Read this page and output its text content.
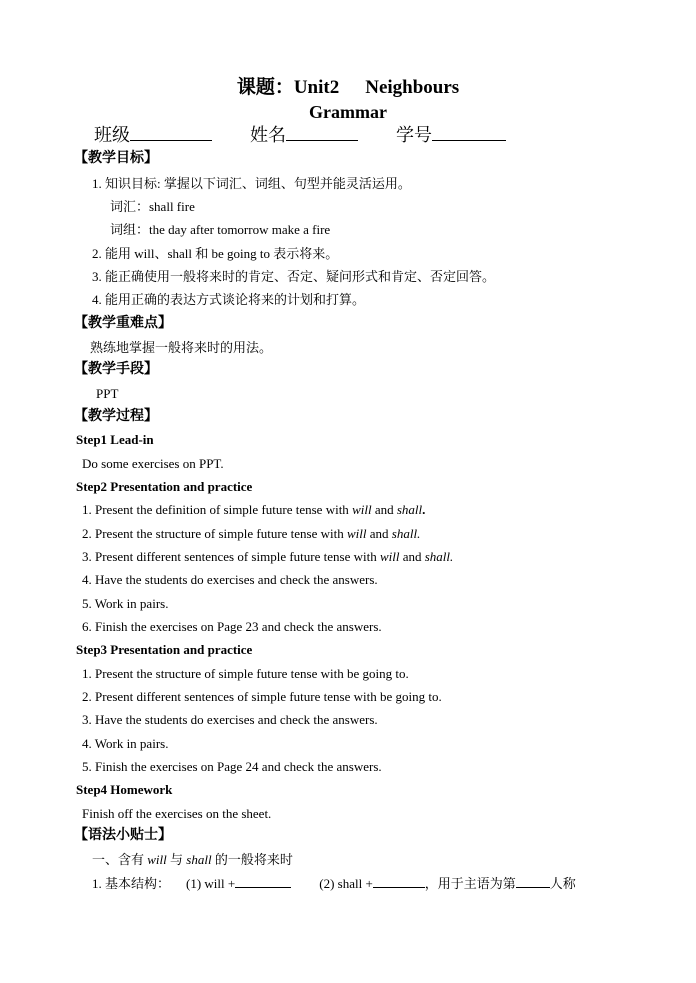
课题：Unit2 Neighbours
Grammar
班级	姓名	学号
【教学目标】
1. 知识目标: 掌握以下词汇、词组、句型并能灵活运用。
词汇：shall fire
词组：the day after tomorrow make a fire
2. 能用 will、shall 和 be going to 表示将来。
3. 能正确使用一般将来时的肯定、否定、疑问形式和肯定、否定回答。
4. 能用正确的表达方式谈论将来的计划和打算。
【教学重难点】
熟练地掌握一般将来时的用法。
【教学手段】
PPT
【教学过程】
Step1 Lead-in
Do some exercises on PPT.
Step2 Presentation and practice
1. Present the definition of simple future tense with will and shall.
2. Present the structure of simple future tense with will and shall.
3. Present different sentences of simple future tense with will and shall.
4. Have the students do exercises and check the answers.
5. Work in pairs.
6. Finish the exercises on Page 23 and check the answers.
Step3 Presentation and practice
1. Present the structure of simple future tense with be going to.
2. Present different sentences of simple future tense with be going to.
3. Have the students do exercises and check the answers.
4. Work in pairs.
5. Finish the exercises on Page 24 and check the answers.
Step4 Homework
Finish off the exercises on the sheet.
【语法小贴士】
一、含有 will 与 shall 的一般将来时
1. 基本结构： (1) will +	(2) shall +	，用于主语为第	人称
